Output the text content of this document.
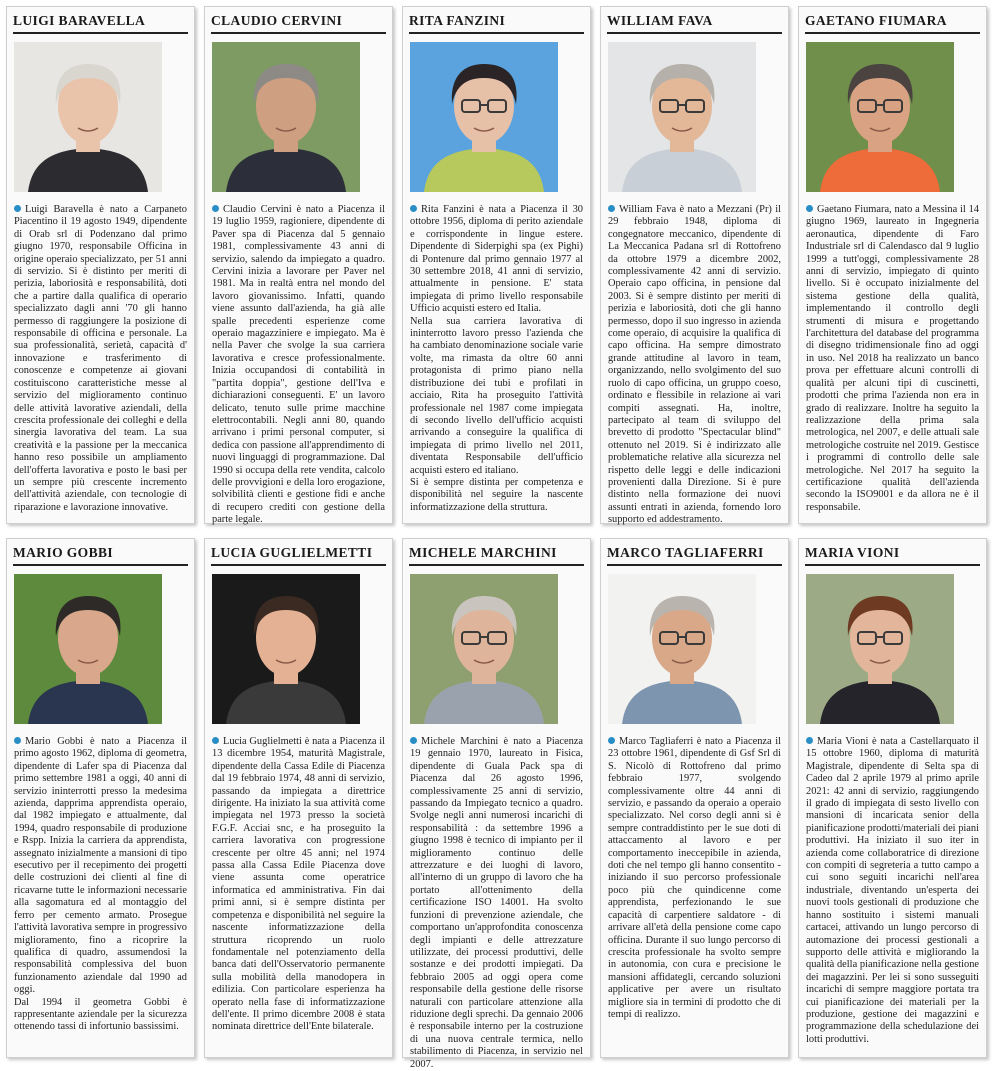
LUIGI BARAVELLA

Luigi Baravella è nato a Carpaneto Piacentino il 19 agosto 1949, dipendente di Orab srl di Podenzano dal primo giugno 1970, responsabile Officina in origine operaio specializzato, per 51 anni di servizio. Si è distinto per meriti di perizia, laboriosità e responsabilità, doti che a partire dalla qualifica di operario specializzato dagli anni '70 gli hanno permesso di raggiungere la posizione di responsabile di officina e personale. La sua professionalità, serietà, capacità d' innovazione e trasferimento di conoscenze e competenze ai giovani costituiscono caratteristiche messe al servizio del miglioramento continuo delle attività lavorative aziendali, della crescita professionale dei colleghi e della sinergia lavorativa del team. La sua creatività e la passione per la meccanica hanno reso possibile un ampliamento dell'offerta lavorativa e posto le basi per un sempre più crescente incremento dell'attività aziendale, con tecnologie di riparazione e lavorazione innovative.

CLAUDIO CERVINI

Claudio Cervini è nato a Piacenza il 19 luglio 1959, ragioniere, dipendente di Paver spa di Piacenza dal 5 gennaio 1981, complessivamente 43 anni di servizio, salendo da impiegato a quadro. Cervini inizia a lavorare per Paver nel 1981. Ma in realtà entra nel mondo del lavoro giovanissimo. Infatti, quando viene assunto dall'azienda, ha già alle spalle precedenti esperienze come operaio magazziniere e impiegato. Ma è nella Paver che svolge la sua carriera lavorativa e cresce professionalmente. Inizia occupandosi di contabilità in "partita doppia", gestione dell'Iva e dichiarazioni conseguenti. E' un lavoro delicato, tenuto sulle prime macchine elettrocontabili. Negli anni 80, quando arrivano i primi personal computer, si dedica con passione all'apprendimento di nuovi linguaggi di programmazione. Dal 1990 si occupa della rete vendita, calcolo delle provvigioni e della loro erogazione, solvibilità clienti e gestione fidi e anche di recupero crediti con gestione della parte legale.

RITA FANZINI

Rita Fanzini è nata a Piacenza il 30 ottobre 1956, diploma di perito aziendale e corrispondente in lingue estere. Dipendente di Siderpighi spa (ex Pighi) di Pontenure dal primo gennaio 1977 al 30 settembre 2018, 41 anni di servizio, attualmente in pensione. E' stata impiegata di primo livello responsabile Ufficio acquisti estero ed Italia.

Nella sua carriera lavorativa di ininterrotto lavoro presso l'azienda che ha cambiato denominazione sociale varie volte, ma rimasta da oltre 60 anni protagonista di primo piano nella distribuzione dei tubi e profilati in acciaio, Rita ha proseguito l'attività professionale nel 1987 come impiegata di secondo livello dell'ufficio acquisti arrivando a conseguire la qualifica di impiegata di primo livello nel 2011, diventata Responsabile dell'ufficio acquisti estero ed italiano.

Si è sempre distinta per competenza e disponibilità nel seguire la nascente informatizzazione della struttura.

WILLIAM FAVA

William Fava è nato a Mezzani (Pr) il 29 febbraio 1948, diploma di congegnatore meccanico, dipendente di La Meccanica Padana srl di Rottofreno da ottobre 1979 a dicembre 2002, complessivamente 42 anni di servizio. Operaio capo officina, in pensione dal 2003. Si è sempre distinto per meriti di perizia e laboriosità, doti che gli hanno permesso, dopo il suo ingresso in azienda come operaio, di acquisire la qualifica di capo officina. Ha sempre dimostrato grande attitudine al lavoro in team, organizzando, nello svolgimento del suo ruolo di capo officina, un gruppo coeso, ordinato e flessibile in relazione ai vari compiti assegnati. Ha, inoltre, partecipato al team di sviluppo del brevetto di prodotto "Spectacular blind" ottenuto nel 2019. Si è indirizzato alle problematiche relative alla sicurezza nel rispetto delle leggi e delle indicazioni provenienti dalla Direzione. Si è pure distinto nella formazione dei nuovi assunti entrati in azienda, fornendo loro supporto ed addestramento.

GAETANO FIUMARA

Gaetano Fiumara, nato a Messina il 14 giugno 1969, laureato in Ingegneria aeronautica, dipendente di Faro Industriale srl di Calendasco dal 9 luglio 1999 a tutt'oggi, complessivamente 28 anni di servizio, impiegato di quinto livello. Si è occupato inizialmente del sistema gestione della qualità, implementando il controllo degli strumenti di misura e progettando l'architettura del database del programma di disegno tridimensionale fino ad oggi in uso. Nel 2018 ha realizzato un banco prova per effettuare alcuni controlli di qualità per alcuni tipi di cuscinetti, prodotti che prima l'azienda non era in grado di realizzare. Inoltre ha seguito la realizzazione della prima sala metrologica, nel 2007, e delle attuali sale metrologiche costruite nel 2019. Gestisce i programmi di controllo delle sale metrologiche. Nel 2017 ha seguito la certificazione qualità dell'azienda secondo la ISO9001 e da allora ne è il responsabile.

MARIO GOBBI

Mario Gobbi è nato a Piacenza il primo agosto 1962, diploma di geometra, dipendente di Lafer spa di Piacenza dal primo settembre 1981 a oggi, 40 anni di servizio ininterrotti presso la medesima azienda, dapprima apprendista operaio, dal 1982 impiegato e attualmente, dal 1994, quadro responsabile di produzione e Rspp. Inizia la carriera da apprendista, assegnato inizialmente a mansioni di tipo esecutivo per il recepimento dei progetti delle costruzioni dei clienti al fine di ricavarne tutte le informazioni necessarie alla sagomatura ed al montaggio del ferro per cemento armato. Prosegue l'attività lavorativa sempre in progressivo miglioramento, fino a ricoprire la qualifica di quadro, assumendosi la responsabilità complessiva del buon funzionamento aziendale dal 1990 ad oggi.

Dal 1994 il geometra Gobbi è rappresentante aziendale per la sicurezza ottenendo tassi di infortunio bassissimi.

LUCIA GUGLIELMETTI

Lucia Guglielmetti è nata a Piacenza il 13 dicembre 1954, maturità Magistrale, dipendente della Cassa Edile di Piacenza dal 19 febbraio 1974, 48 anni di servizio, passando da impiegata a direttrice dirigente. Ha iniziato la sua attività come impiegata nel 1973 presso la società F.G.F. Acciai snc, e ha proseguito la carriera lavorativa con progressione crescente per oltre 45 anni; nel 1974 passa alla Cassa Edile Piacenza dove viene assunta come operatrice informatica ed amministrativa. Fin dai primi anni, si è sempre distinta per competenza e disponibilità nel seguire la nascente informatizzazione della struttura ricoprendo un ruolo fondamentale nel potenziamento della banca dati dell'Osservatorio permanente sulla mobilità della manodopera in edilizia. Con particolare esperienza ha operato nella fase di informatizzazione dell'ente. Il primo dicembre 2008 è stata nominata direttrice dell'Ente bilaterale.

MICHELE MARCHINI

Michele Marchini è nato a Piacenza 19 gennaio 1970, laureato in Fisica, dipendente di Guala Pack spa di Piacenza dal 26 agosto 1996, complessivamente 25 anni di servizio, passando da Impiegato tecnico a quadro. Svolge negli anni numerosi incarichi di responsabilità : da settembre 1996 a giugno 1998 è tecnico di impianto per il miglioramento continuo delle attrezzature e dei luoghi di lavoro, all'interno di un gruppo di lavoro che ha portato all'ottenimento della certificazione ISO 14001. Ha svolto funzioni di prevenzione aziendale, che comportano un'approfondita conoscenza degli impianti e delle attrezzature utilizzate, dei processi produttivi, delle sostanze e dei prodotti impiegati. Da febbraio 2005 ad oggi opera come responsabile della gestione delle risorse naturali con particolare attenzione alla riduzione degli sprechi. Da gennaio 2006 è responsabile interno per la costruzione di una nuova centrale termica, nello stabilimento di Piacenza, in servizio nel 2007.

MARCO TAGLIAFERRI

Marco Tagliaferri è nato a Piacenza il 23 ottobre 1961, dipendente di Gsf Srl di S. Nicolò di Rottofreno dal primo febbraio 1977, svolgendo complessivamente oltre 44 anni di servizio, e passando da operaio a operaio specializzato. Nel corso degli anni si è sempre contraddistinto per le sue doti di attaccamento al lavoro e per comportamento ineccepibile in azienda, doti che nel tempo gli hanno consentito - iniziando il suo percorso professionale poco più che quindicenne come apprendista, perfezionando le sue capacità di carpentiere saldatore - di arrivare all'età della pensione come capo officina. Durante il suo lungo percorso di crescita professionale ha svolto sempre in autonomia, con cura e precisione le mansioni affidategli, cercando soluzioni applicative per avere un risultato migliore sia in termini di prodotto che di tempi di realizzo.

MARIA VIONI

Maria Vioni è nata a Castellarquato il 15 ottobre 1960, diploma di maturità Magistrale, dipendente di Selta spa di Cadeo dal 2 aprile 1979 al primo aprile 2021: 42 anni di servizio, raggiungendo il grado di impiegata di sesto livello con mansioni di incaricata senior della pianificazione prodotti/materiali dei piani produttivi. Ha iniziato il suo iter in azienda come collaboratrice di direzione con compiti di segreteria a tutto campo a cui sono seguiti incarichi nell'area industriale, diventando un'esperta dei nuovi tools gestionali di produzione che hanno sostituito i sistemi manuali cartacei, attivando un lungo percorso di automazione dei processi gestionali a supporto delle attività e migliorando la qualità della pianificazione nella gestione dei magazzini. Per lei si sono susseguiti incarichi di sempre maggiore portata tra cui pianificazione dei materiali per la produzione, gestione dei magazzini e programmazione della schedulazione dei lotti produttivi.
